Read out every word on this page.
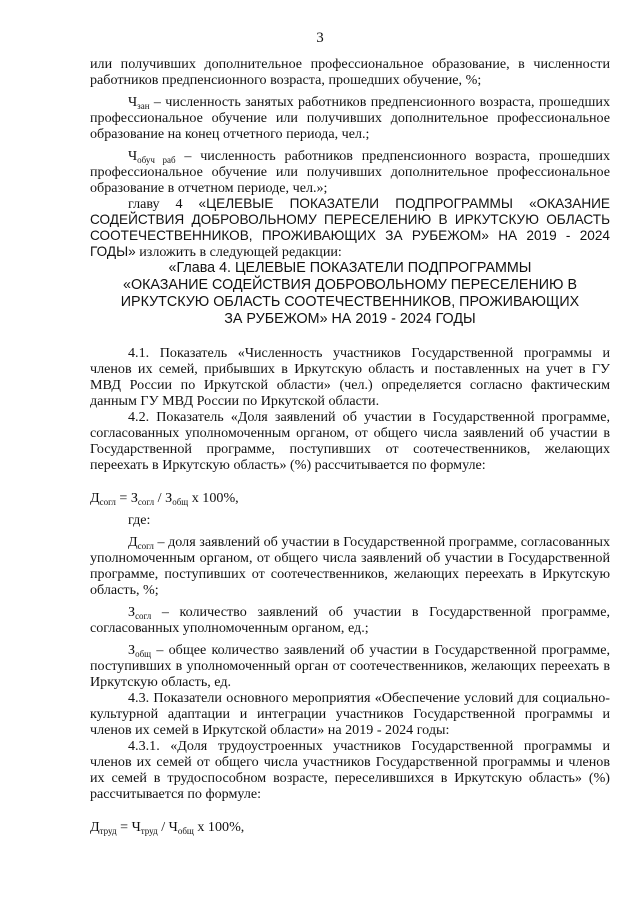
3

или получивших дополнительное профессиональное образование, в численности работников предпенсионного возраста, прошедших обучение, %;

$Ч_{зан}$ – численность занятых работников предпенсионного возраста, прошедших профессиональное обучение или получивших дополнительное профессиональное образование на конец отчетного периода, чел.;

$Ч_{обуч раб}$ – численность работников предпенсионного возраста, прошедших профессиональное обучение или получивших дополнительное профессиональное образование в отчетном периоде, чел.»;

главу 4 «ЦЕЛЕВЫЕ ПОКАЗАТЕЛИ ПОДПРОГРАММЫ «ОКАЗАНИЕ СОДЕЙСТВИЯ ДОБРОВОЛЬНОМУ ПЕРЕСЕЛЕНИЮ В ИРКУТСКУЮ ОБЛАСТЬ СООТЕЧЕСТВЕННИКОВ, ПРОЖИВАЮЩИХ ЗА РУБЕЖОМ» НА 2019 - 2024 ГОДЫ» изложить в следующей редакции:

«Глава 4. ЦЕЛЕВЫЕ ПОКАЗАТЕЛИ ПОДПРОГРАММЫ
«ОКАЗАНИЕ СОДЕЙСТВИЯ ДОБРОВОЛЬНОМУ ПЕРЕСЕЛЕНИЮ В
ИРКУТСКУЮ ОБЛАСТЬ СООТЕЧЕСТВЕННИКОВ, ПРОЖИВАЮЩИХ
ЗА РУБЕЖОМ» НА 2019 - 2024 ГОДЫ

4.1. Показатель «Численность участников Государственной программы и членов их семей, прибывших в Иркутскую область и поставленных на учет в ГУ МВД России по Иркутской области» (чел.) определяется согласно фактическим данным ГУ МВД России по Иркутской области.

4.2. Показатель «Доля заявлений об участии в Государственной программе, согласованных уполномоченным органом, от общего числа заявлений об участии в Государственной программе, поступивших от соотечественников, желающих переехать в Иркутскую область» (%) рассчитывается по формуле:

$Д_{согл} = З_{согл} / З_{общ}$ х 100%,

где:

$Д_{согл}$ – доля заявлений об участии в Государственной программе, согласованных уполномоченным органом, от общего числа заявлений об участии в Государственной программе, поступивших от соотечественников, желающих переехать в Иркутскую область, %;

$З_{согл}$ – количество заявлений об участии в Государственной программе, согласованных уполномоченным органом, ед.;

$З_{общ}$ – общее количество заявлений об участии в Государственной программе, поступивших в уполномоченный орган от соотечественников, желающих переехать в Иркутскую область, ед.

4.3. Показатели основного мероприятия «Обеспечение условий для социально-культурной адаптации и интеграции участников Государственной программы и членов их семей в Иркутской области» на 2019 - 2024 годы:

4.3.1. «Доля трудоустроенных участников Государственной программы и членов их семей от общего числа участников Государственной программы и членов их семей в трудоспособном возрасте, переселившихся в Иркутскую область» (%) рассчитывается по формуле:

$Д_{труд} = Ч_{труд} / Ч_{общ}$ х 100%,
